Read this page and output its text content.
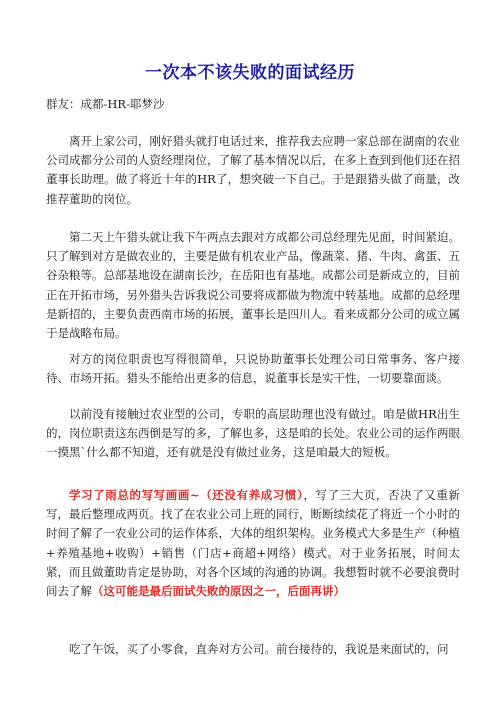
一次本不该失败的面试经历
群友：成都-HR-耶梦沙

离开上家公司，刚好猎头就打电话过来，推荐我去应聘一家总部在湖南的农业公司成都分公司的人资经理岗位，了解了基本情况以后，在多上查到到他们还在招董事长助理。做了将近十年的HR了，想突破一下自己。于是跟猎头做了商量，改推荐董助的岗位。

第二天上午猎头就让我下午两点去跟对方成都公司总经理先见面，时间紧迫。只了解到对方是做农业的，主要是做有机农业产品，像蔬菜、猪、牛肉、禽蛋、五谷杂粮等。总部基地设在湖南长沙，在岳阳也有基地。成都公司是新成立的，目前正在开拓市场，另外猎头告诉我说公司要将成都做为物流中转基地。成都的总经理是新招的，主要负责西南市场的拓展，董事长是四川人。看来成都分公司的成立属于是战略布局。

对方的岗位职责也写得很简单，只说协助董事长处理公司日常事务、客户接待、市场开拓。猎头不能给出更多的信息，说董事长是实干性，一切要靠面谈。

以前没有接触过农业型的公司，专职的高层助理也没有做过。咱是做HR出生的，岗位职责这东西倒是写的多，了解也多，这是咱的长处。农业公司的运作两眼一摸黑`什么都不知道，还有就是没有做过业务，这是咱最大的短板。

学习了雨总的写写画画~（还没有养成习惯），写了三大页，否决了又重新写，最后整理成两页。找了在农业公司上班的同行，断断续续花了将近一个小时的时间了解了一农业公司的运作体系，大体的组织架构。业务模式大多是生产（种植+养殖基地+收购）+销售（门店+商超+网络）模式。对于业务拓展，时间太紧，而且做董助肯定是协助，对各个区域的沟通的协调。我想暂时就不必要浪费时间去了解（这可能是最后面试失败的原因之一，后面再讲）

吃了午饭，买了小零食，直奔对方公司。前台接待的，我说是来面试的，问
